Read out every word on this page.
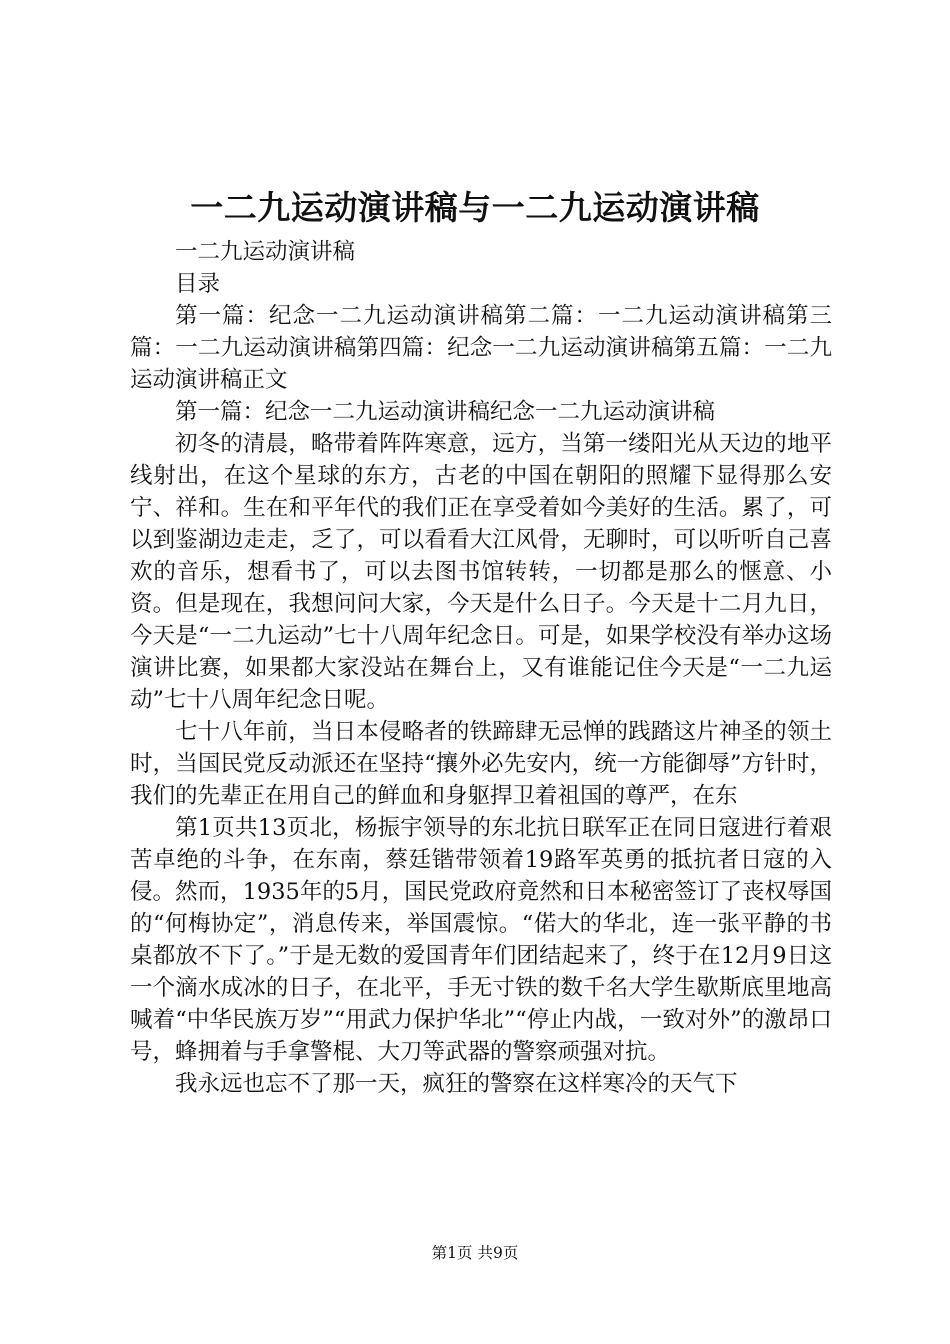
一二九运动演讲稿与一二九运动演讲稿

一二九运动演讲稿

目录

第一篇：纪念一二九运动演讲稿第二篇：一二九运动演讲稿第三篇：一二九运动演讲稿第四篇：纪念一二九运动演讲稿第五篇：一二九运动演讲稿正文

第一篇：纪念一二九运动演讲稿纪念一二九运动演讲稿

初冬的清晨，略带着阵阵寒意，远方，当第一缕阳光从天边的地平线射出，在这个星球的东方，古老的中国在朝阳的照耀下显得那么安宁、祥和。生在和平年代的我们正在享受着如今美好的生活。累了，可以到鉴湖边走走，乏了，可以看看大江风骨，无聊时，可以听听自己喜欢的音乐，想看书了，可以去图书馆转转，一切都是那么的惬意、小资。但是现在，我想问问大家，今天是什么日子。今天是十二月九日，今天是“一二九运动”七十八周年纪念日。可是，如果学校没有举办这场演讲比赛，如果都大家没站在舞台上，又有谁能记住今天是“一二九运动”七十八周年纪念日呢。

七十八年前，当日本侵略者的铁蹄肆无忌惮的践踏这片神圣的领土时，当国民党反动派还在坚持“攘外必先安内，统一方能御辱”方针时，我们的先辈正在用自己的鲜血和身躯捍卫着祖国的尊严，在东

第1页共13页北，杨振宇领导的东北抗日联军正在同日寇进行着艰苦卓绝的斗争，在东南，蔡廷锴带领着19路军英勇的抵抗者日寇的入侵。然而，1935年的5月，国民党政府竟然和日本秘密签订了丧权辱国的“何梅协定”，消息传来，举国震惊。“偌大的华北，连一张平静的书桌都放不下了。”于是无数的爱国青年们团结起来了，终于在12月9日这一个滴水成冰的日子，在北平，手无寸铁的数千名大学生歇斯底里地高喊着“中华民族万岁”“用武力保护华北”“停止内战，一致对外”的激昂口号，蜂拥着与手拿警棍、大刀等武器的警察顽强对抗。

我永远也忘不了那一天，疯狂的警察在这样寒冷的天气下

第1页 共9页
